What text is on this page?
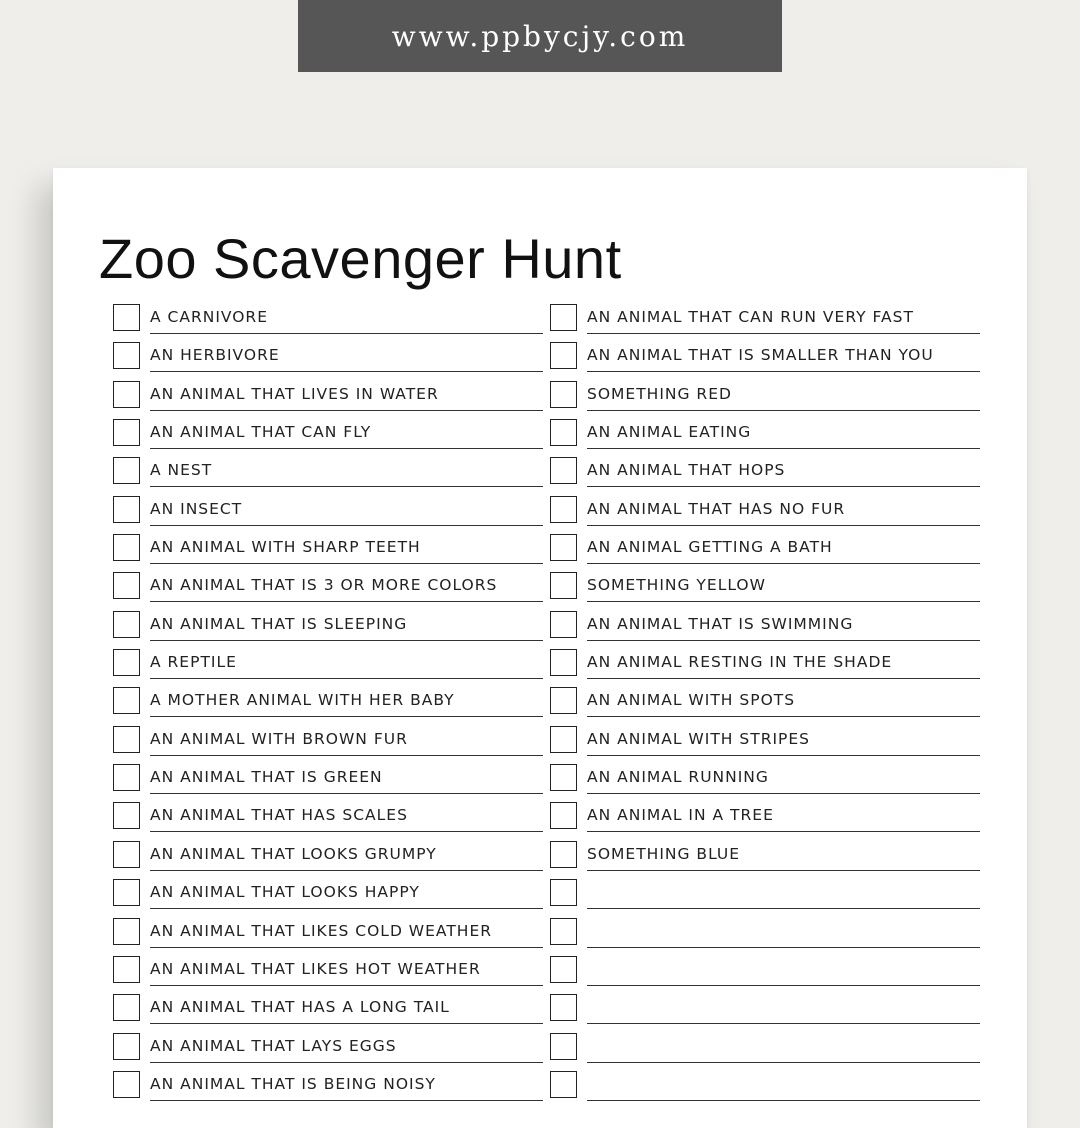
www.ppbycjy.com
Zoo Scavenger Hunt
A CARNIVORE
AN HERBIVORE
AN ANIMAL THAT LIVES IN WATER
AN ANIMAL THAT CAN FLY
A NEST
AN INSECT
AN ANIMAL WITH SHARP TEETH
AN ANIMAL THAT IS 3 OR MORE COLORS
AN ANIMAL THAT IS SLEEPING
A REPTILE
A MOTHER ANIMAL WITH HER BABY
AN ANIMAL WITH BROWN FUR
AN ANIMAL THAT IS GREEN
AN ANIMAL THAT HAS SCALES
AN ANIMAL THAT LOOKS GRUMPY
AN ANIMAL THAT LOOKS HAPPY
AN ANIMAL THAT LIKES COLD WEATHER
AN ANIMAL THAT LIKES HOT WEATHER
AN ANIMAL THAT HAS A LONG TAIL
AN ANIMAL THAT LAYS EGGS
AN ANIMAL THAT IS BEING NOISY
AN ANIMAL THAT CAN RUN VERY FAST
AN ANIMAL THAT IS SMALLER THAN YOU
SOMETHING RED
AN ANIMAL EATING
AN ANIMAL THAT HOPS
AN ANIMAL THAT HAS NO FUR
AN ANIMAL GETTING A BATH
SOMETHING YELLOW
AN ANIMAL THAT IS SWIMMING
AN ANIMAL RESTING IN THE SHADE
AN ANIMAL WITH SPOTS
AN ANIMAL WITH STRIPES
AN ANIMAL RUNNING
AN ANIMAL IN A TREE
SOMETHING BLUE
